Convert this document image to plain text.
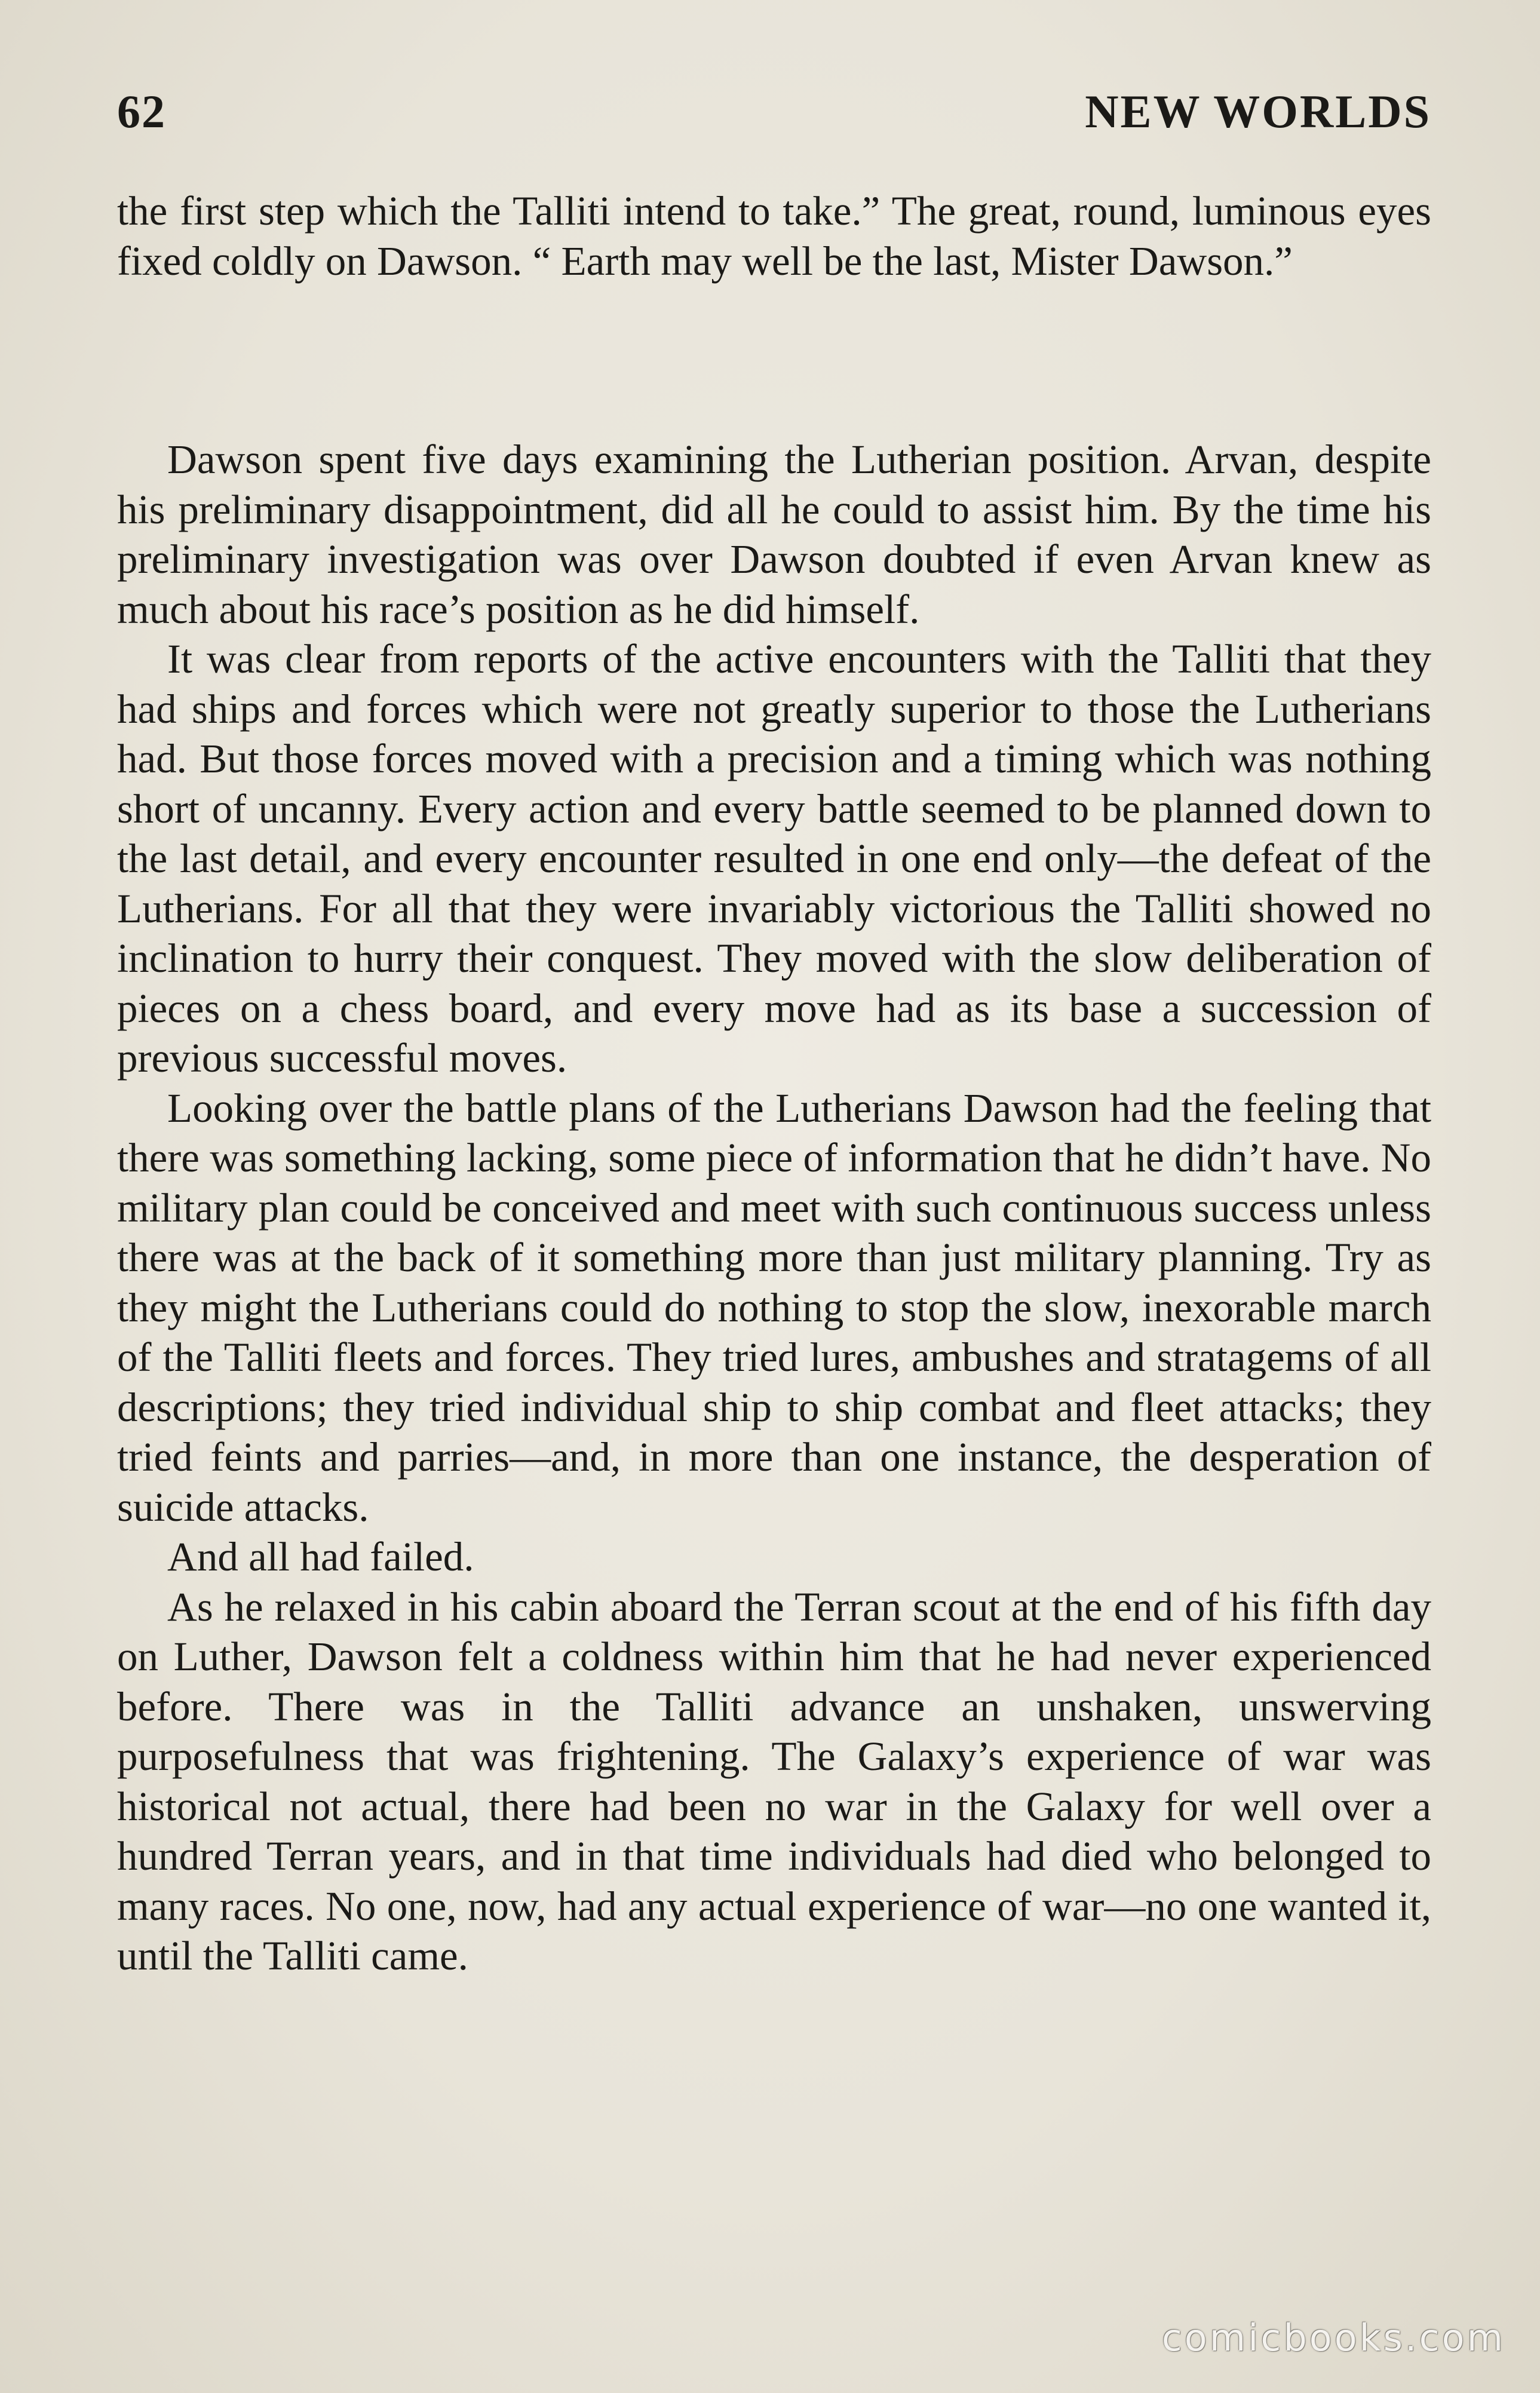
62	NEW WORLDS

the first step which the Talliti intend to take.” The great, round, luminous eyes fixed coldly on Dawson. “ Earth may well be the last, Mister Dawson.”

Dawson spent five days examining the Lutherian position. Arvan, despite his preliminary disappointment, did all he could to assist him. By the time his preliminary investigation was over Dawson doubted if even Arvan knew as much about his race’s position as he did himself.

It was clear from reports of the active encounters with the Talliti that they had ships and forces which were not greatly superior to those the Lutherians had. But those forces moved with a precision and a timing which was nothing short of uncanny. Every action and every battle seemed to be planned down to the last detail, and every encounter resulted in one end only—the defeat of the Lutherians. For all that they were invariably victorious the Talliti showed no inclination to hurry their conquest. They moved with the slow deliberation of pieces on a chess board, and every move had as its base a succession of previous successful moves.

Looking over the battle plans of the Lutherians Dawson had the feeling that there was something lacking, some piece of information that he didn’t have. No military plan could be conceived and meet with such continuous success unless there was at the back of it something more than just military planning. Try as they might the Lutherians could do nothing to stop the slow, inexorable march of the Talliti fleets and forces. They tried lures, ambushes and stratagems of all descriptions; they tried individual ship to ship combat and fleet attacks; they tried feints and parries—and, in more than one instance, the desperation of suicide attacks.

And all had failed.

As he relaxed in his cabin aboard the Terran scout at the end of his fifth day on Luther, Dawson felt a coldness within him that he had never experienced before. There was in the Talliti advance an unshaken, unswerving purposefulness that was frightening. The Galaxy’s experience of war was historical not actual, there had been no war in the Galaxy for well over a hundred Terran years, and in that time individuals had died who belonged to many races. No one, now, had any actual experience of war—no one wanted it, until the Talliti came.

comicbooks.com
